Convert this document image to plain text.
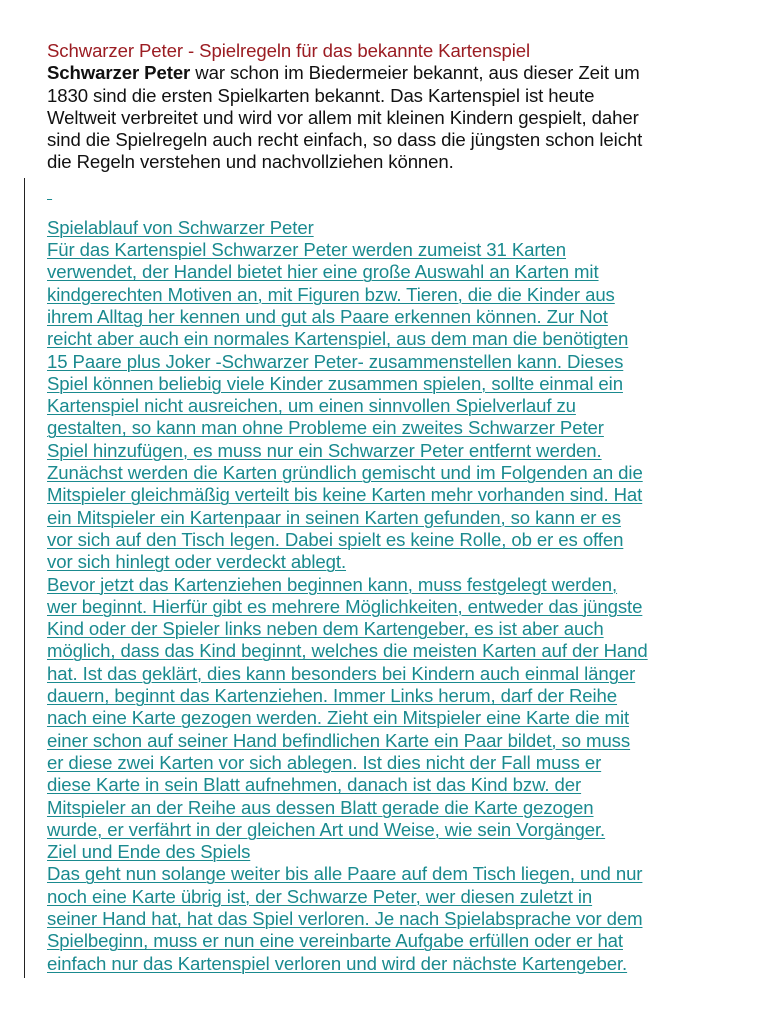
Schwarzer Peter - Spielregeln für das bekannte Kartenspiel

Schwarzer Peter war schon im Biedermeier bekannt, aus dieser Zeit um
1830 sind die ersten Spielkarten bekannt. Das Kartenspiel ist heute
Weltweit verbreitet und wird vor allem mit kleinen Kindern gespielt, daher
sind die Spielregeln auch recht einfach, so dass die jüngsten schon leicht
die Regeln verstehen und nachvollziehen können.

Spielablauf von Schwarzer Peter
Für das Kartenspiel Schwarzer Peter werden zumeist 31 Karten
verwendet, der Handel bietet hier eine große Auswahl an Karten mit
kindgerechten Motiven an, mit Figuren bzw. Tieren, die die Kinder aus
ihrem Alltag her kennen und gut als Paare erkennen können. Zur Not
reicht aber auch ein normales Kartenspiel, aus dem man die benötigten
15 Paare plus Joker -Schwarzer Peter- zusammenstellen kann. Dieses
Spiel können beliebig viele Kinder zusammen spielen, sollte einmal ein
Kartenspiel nicht ausreichen, um einen sinnvollen Spielverlauf zu
gestalten, so kann man ohne Probleme ein zweites Schwarzer Peter
Spiel hinzufügen, es muss nur ein Schwarzer Peter entfernt werden.
Zunächst werden die Karten gründlich gemischt und im Folgenden an die
Mitspieler gleichmäßig verteilt bis keine Karten mehr vorhanden sind. Hat
ein Mitspieler ein Kartenpaar in seinen Karten gefunden, so kann er es
vor sich auf den Tisch legen. Dabei spielt es keine Rolle, ob er es offen
vor sich hinlegt oder verdeckt ablegt.
Bevor jetzt das Kartenziehen beginnen kann, muss festgelegt werden,
wer beginnt. Hierfür gibt es mehrere Möglichkeiten, entweder das jüngste
Kind oder der Spieler links neben dem Kartengeber, es ist aber auch
möglich, dass das Kind beginnt, welches die meisten Karten auf der Hand
hat. Ist das geklärt, dies kann besonders bei Kindern auch einmal länger
dauern, beginnt das Kartenziehen. Immer Links herum, darf der Reihe
nach eine Karte gezogen werden. Zieht ein Mitspieler eine Karte die mit
einer schon auf seiner Hand befindlichen Karte ein Paar bildet, so muss
er diese zwei Karten vor sich ablegen. Ist dies nicht der Fall muss er
diese Karte in sein Blatt aufnehmen, danach ist das Kind bzw. der
Mitspieler an der Reihe aus dessen Blatt gerade die Karte gezogen
wurde, er verfährt in der gleichen Art und Weise, wie sein Vorgänger.
Ziel und Ende des Spiels
Das geht nun solange weiter bis alle Paare auf dem Tisch liegen, und nur
noch eine Karte übrig ist, der Schwarze Peter, wer diesen zuletzt in
seiner Hand hat, hat das Spiel verloren. Je nach Spielabsprache vor dem
Spielbeginn, muss er nun eine vereinbarte Aufgabe erfüllen oder er hat
einfach nur das Kartenspiel verloren und wird der nächste Kartengeber.
